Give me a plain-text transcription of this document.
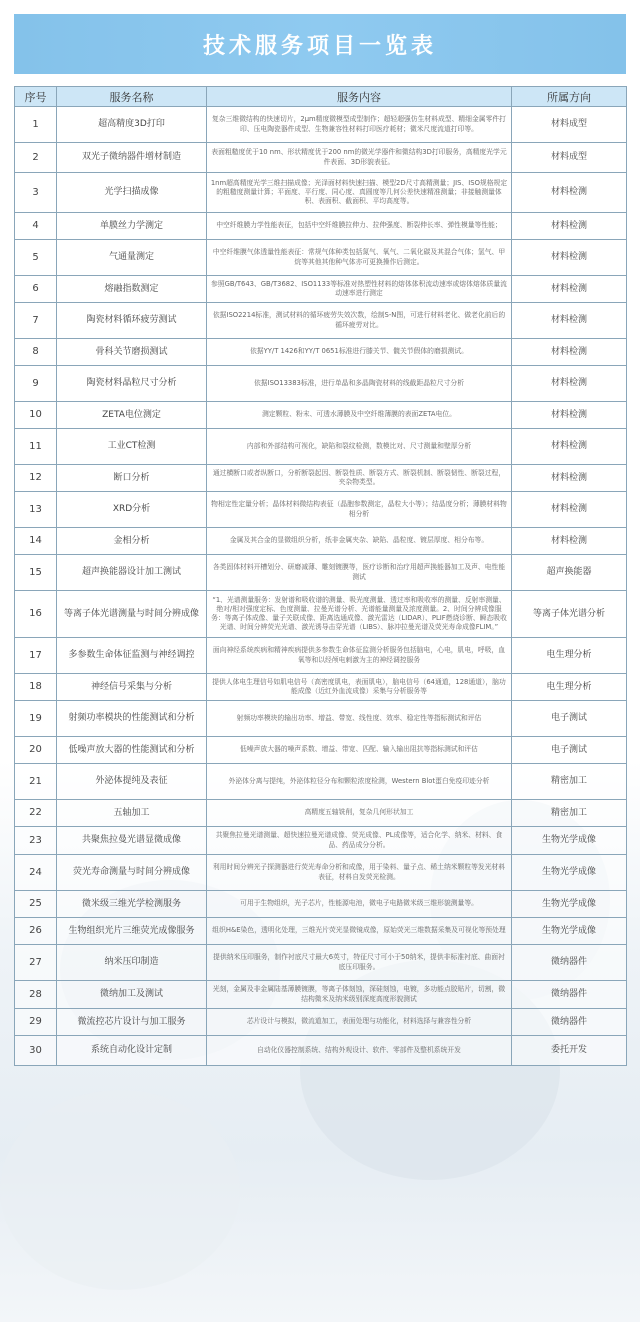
技术服务项目一览表
序号	服务名称	服务内容	所属方向
1	超高精度3D打印	复杂三维微结构的快速切片，2μm精度微模型成型制作；超轻超强仿生材料成型、精细金属零件打印、压电陶瓷器件成型、生物兼容性材料打印医疗耗材；微米尺度流道打印等。	材料成型
2	双光子微纳器件增材制造	表面粗糙度优于10 nm、形状精度优于200 nm的微光学器件和微结构3D打印服务，高精度光学元件表面、3D形貌表征。	材料成型
3	光学扫描成像	1nm超高精度光学三维扫描成像；光泽面材料快速扫描、模型2D尺寸高精测量；JIS、ISO规格规定的粗糙度测量计算；平面度、平行度、同心度、真圆度等几何公差快速精准测量；非接触测量体积、表面积、截面积、平均高度等。	材料检测
4	单膜丝力学测定	中空纤维膜力学性能表征，包括中空纤维膜拉伸力、拉伸强度、断裂伸长率、弹性模量等性能；	材料检测
5	气通量测定	中空纤维膜气体透量性能表征：常规气体种类包括氮气、氧气、二氧化碳及其混合气体；氢气、甲烷等其他其他种气体亦可更换操作后测定。	材料检测
6	熔融指数测定	参照GB/T643、GB/T3682、ISO1133等标准对热塑性材料的熔体体积流动速率或熔体熔体质量流动速率进行测定	材料检测
7	陶瓷材料循环疲劳测试	依据ISO2214标准，测试材料的循环疲劳失效次数，绘制S-N图，可进行材料老化、做老化前后的循环疲劳对比。	材料检测
8	骨科关节磨损测试	依据YY/T 1426和YY/T 0651标准进行膝关节、髋关节假体的磨损测试。	材料检测
9	陶瓷材料晶粒尺寸分析	依据ISO13383标准，进行单晶和多晶陶瓷材料的线截距晶粒尺寸分析	材料检测
10	ZETA电位测定	测定颗粒、粉末、可透水薄膜及中空纤维薄膜的表面ZETA电位。	材料检测
11	工业CT检测	内部和外部结构可视化，缺陷和裂纹检测，数模比对、尺寸测量和壁厚分析	材料检测
12	断口分析	通过横断口或者纵断口，分析断裂起因、断裂性质、断裂方式、断裂机制、断裂韧性、断裂过程，夹杂物类型。	材料检测
13	XRD分析	物相定性定量分析；晶体材料微结构表征（晶胞参数测定，晶粒大小等）；结晶度分析；薄膜材料物相分析	材料检测
14	金相分析	金属及其合金的显微组织分析，纸非金属夹杂、缺陷、晶粒度、镀层厚度、相分布等。	材料检测
15	超声换能器设计加工测试	各类固体材料开槽划分、研磨减薄、雕刻镀膜等，医疗诊断和治疗用超声换能器加工及声、电性能测试	超声换能器
16	等离子体光谱测量与时间分辨成像	“1、光谱测量服务：发射谱和吸收谱的测量、吸光度测量、透过率和吸收率的测量、反射率测量、绝对/相对强度定标、色度测量、拉曼光谱分析、光谱能量测量及浓度测量。2、时间分辨成像服务：等离子体成像、量子关联成像、距离选通成像、激光雷达（LIDAR）、PLIF燃烧诊断、瞬态吸收光谱、时间分辨荧光光谱、激光诱导击穿光谱（LIBS）、脉冲拉曼光谱及荧光寿命成像FLIM。”	等离子体光谱分析
17	多参数生命体征监测与神经调控	面向神经系统疾病和精神疾病提供多参数生命体征监测分析服务包括脑电，心电，肌电，呼吸，血氧等和以经颅电刺激为主的神经调控服务	电生理分析
18	神经信号采集与分析	提供人体电生理信号如肌电信号（高密度肌电，表面肌电），脑电信号（64通道，128通道），脑功能成像（近红外血流成像）采集与分析服务等	电生理分析
19	射频功率模块的性能测试和分析	射频功率模块的输出功率、增益、带宽、线性度、效率、稳定性等指标测试和评估	电子测试
20	低噪声放大器的性能测试和分析	低噪声放大器的噪声系数、增益、带宽、匹配、输入输出阻抗等指标测试和评估	电子测试
21	外泌体提纯及表征	外泌体分离与提纯，外泌体粒径分布和颗粒浓度检测，Western Blot蛋白免疫印迹分析	精密加工
22	五轴加工	高精度五轴铣削，复杂几何形状加工	精密加工
23	共聚焦拉曼光谱显微成像	共聚焦拉曼光谱测量、超快速拉曼光谱成像、荧光成像、PL成像等，适合化学、纳米、材料、食品、药品成分分析。	生物光学成像
24	荧光寿命测量与时间分辨成像	利用时间分辨光子探测器进行荧光寿命分析和成像，用于染料、量子点、稀土纳米颗粒等发光材料表征，材料自发荧光检测。	生物光学成像
25	微米级三维光学检测服务	可用于生物组织，光子芯片，性能源电池，微电子电路微米级三维形貌测量等。	生物光学成像
26	生物组织光片三维荧光成像服务	组织H&E染色，透明化处理，三维光片荧光显微镜成像，原始荧光三维数据采集及可视化等预处理	生物光学成像
27	纳米压印制造	提供纳米压印服务，制作衬底尺寸最大6英寸，特征尺寸可小于50纳米，提供非标准衬底、曲面衬底压印服务。	微纳器件
28	微纳加工及测试	光刻，金属及非金属陆基薄膜镀膜，等离子体刻蚀，深硅刻蚀，电镀，多功能点胶贴片，切割，微结构微米及纳米级别深度高度形貌测试	微纳器件
29	微流控芯片设计与加工服务	芯片设计与模拟，微流道加工，表面处理与功能化，材料选择与兼容性分析	微纳器件
30	系统自动化设计定制	自动化仪器控制系统、结构外观设计、软件、零部件及整机系统开发	委托开发
